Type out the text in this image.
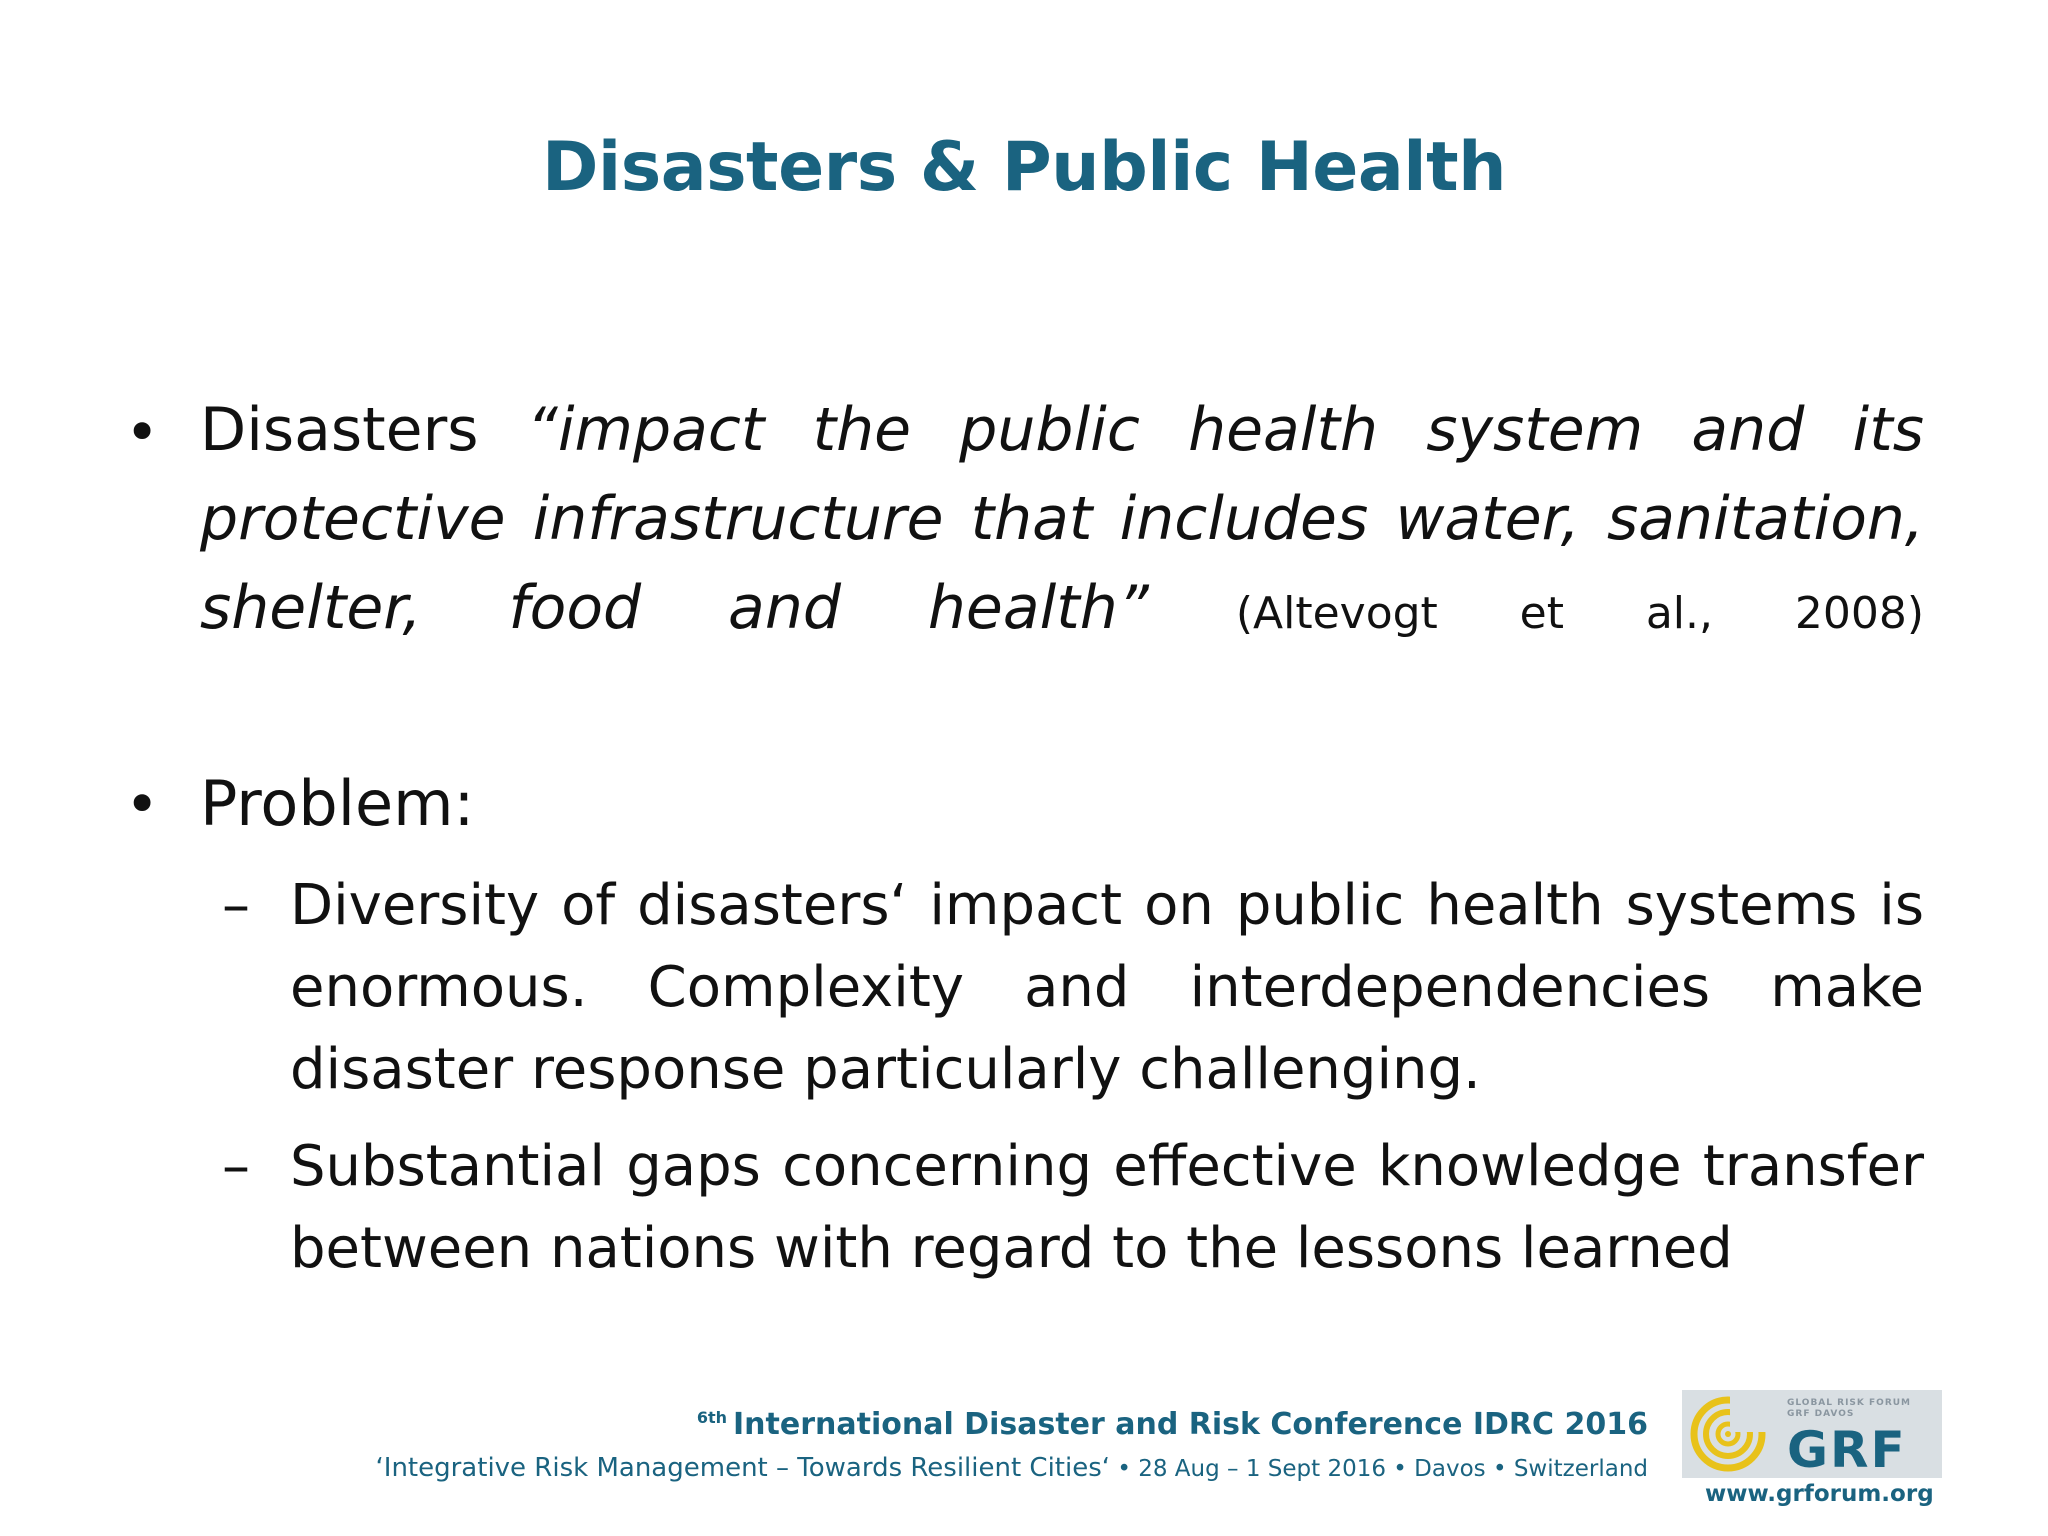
Disasters & Public Health
• Disasters “impact the public health system and its
protective infrastructure that includes water, sanitation,
shelter, food and health” (Altevogt et al., 2008)
• Problem:
– Diversity of disasters‘ impact on public health systems is
enormous. Complexity and interdependencies make
disaster response particularly challenging.
– Substantial gaps concerning effective knowledge transfer
between nations with regard to the lessons learned
$^{6th}$ International Disaster and Risk Conference IDRC 2016
‘Integrative Risk Management – Towards Resilient Cities‘ • 28 Aug – 1 Sept 2016 • Davos • Switzerland
GLOBAL RISK FORUM
GRF DAVOS
GRF
www.grforum.org
